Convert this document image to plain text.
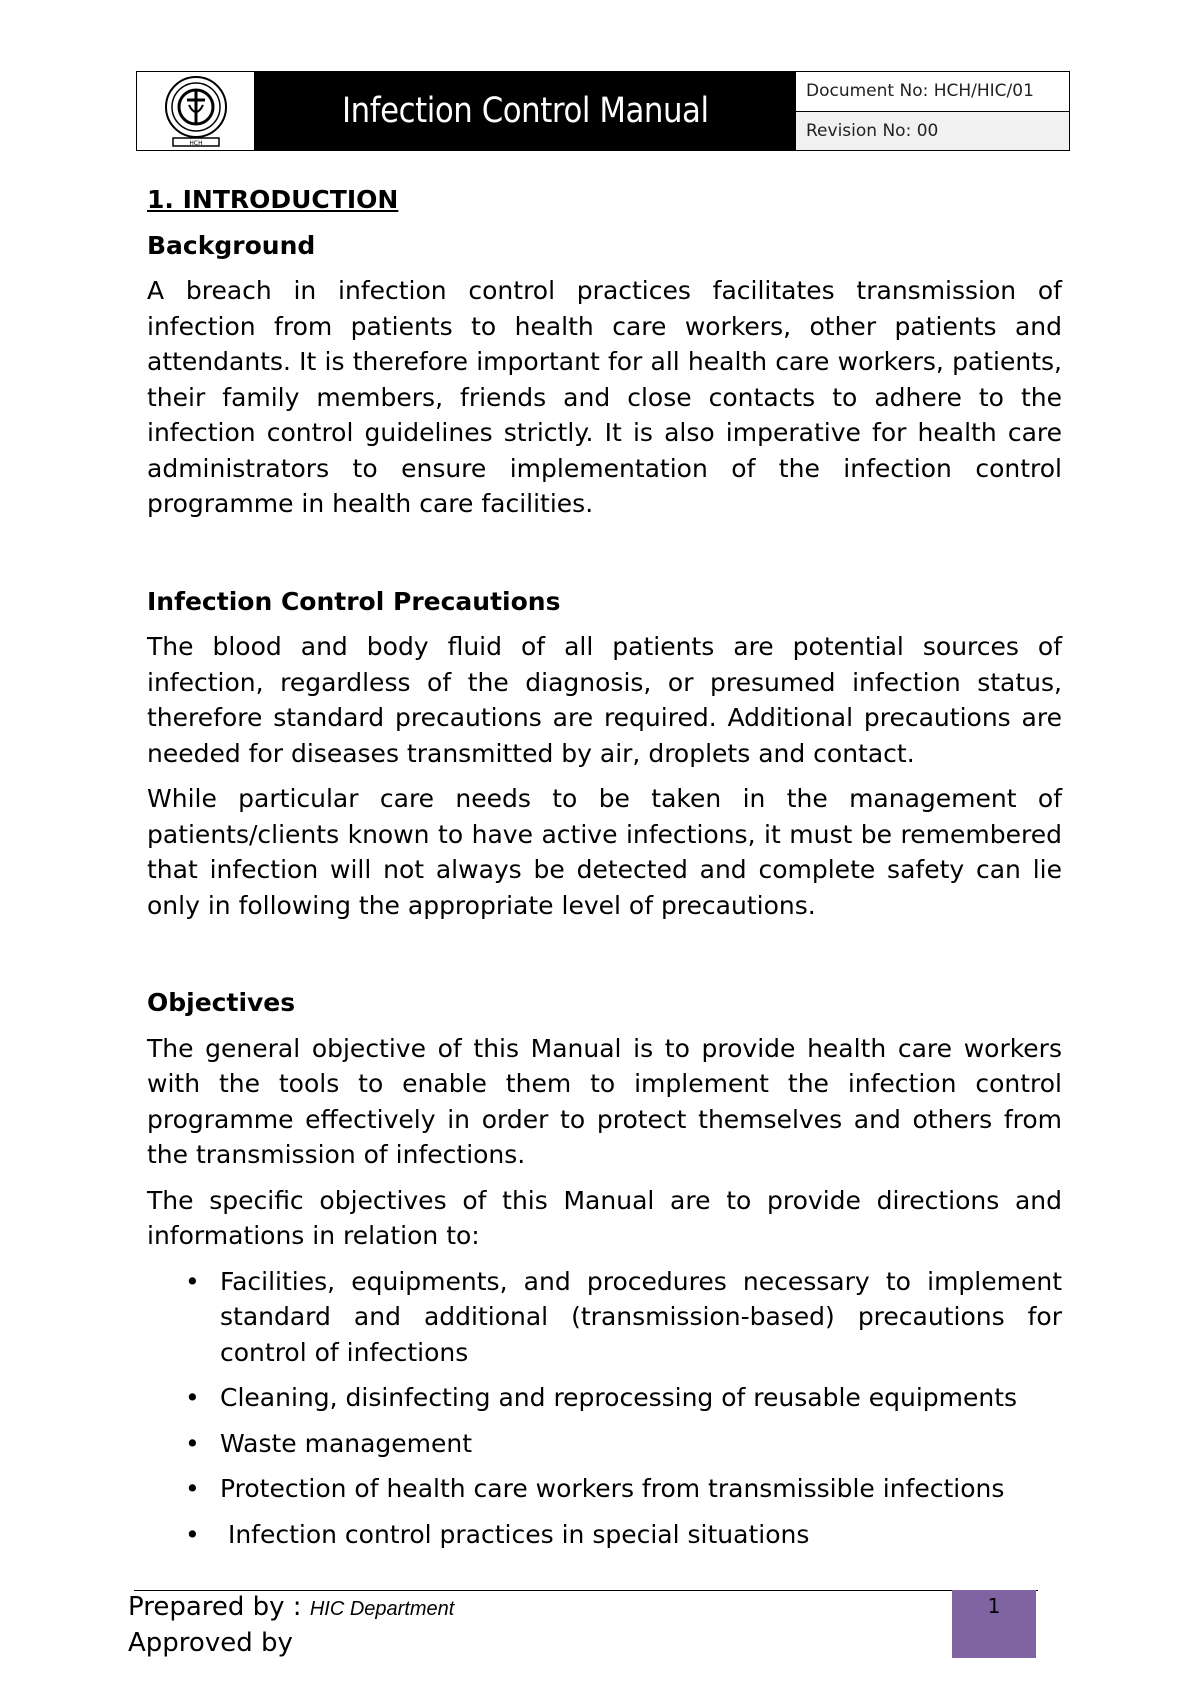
HCH
Infection Control Manual	Document No: HCH/HIC/01
Revision No: 00
1. INTRODUCTION
Background

A breach in infection control practices facilitates transmission of infection from patients to health care workers, other patients and attendants. It is therefore important for all health care workers, patients, their family members, friends and close contacts to adhere to the infection control guidelines strictly. It is also imperative for health care administrators to ensure implementation of the infection control programme in health care facilities.

Infection Control Precautions

The blood and body fluid of all patients are potential sources of infection, regardless of the diagnosis, or presumed infection status, therefore standard precautions are required. Additional precautions are needed for diseases transmitted by air, droplets and contact.

While particular care needs to be taken in the management of patients/clients known to have active infections, it must be remembered that infection will not always be detected and complete safety can lie only in following the appropriate level of precautions.

Objectives

The general objective of this Manual is to provide health care workers with the tools to enable them to implement the infection control programme effectively in order to protect themselves and others from the transmission of infections.

The specific objectives of this Manual are to provide directions and informations in relation to:

• Facilities, equipments, and procedures necessary to implement standard and additional (transmission-based) precautions for control of infections
• Cleaning, disinfecting and reprocessing of reusable equipments
• Waste management
• Protection of health care workers from transmissible infections
• Infection control practices in special situations
Prepared by : HIC Department
Approved by
1
